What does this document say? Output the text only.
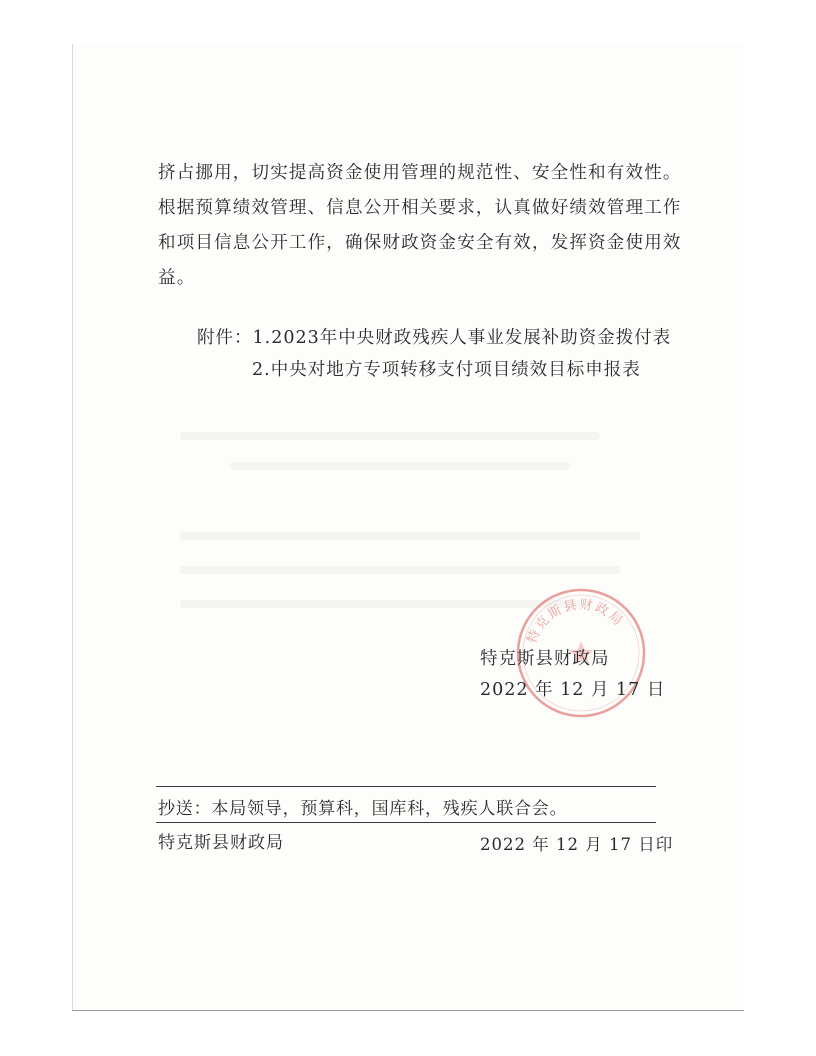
挤占挪用，切实提高资金使用管理的规范性、安全性和有效性。
根据预算绩效管理、信息公开相关要求，认真做好绩效管理工作
和项目信息公开工作，确保财政资金安全有效，发挥资金使用效
益。
附件：1.2023年中央财政残疾人事业发展补助资金拨付表
2.中央对地方专项转移支付项目绩效目标申报表
特克斯县财政局
特克斯县财政局
2022 年 12 月 17 日
抄送：本局领导，预算科，国库科，残疾人联合会。
特克斯县财政局	2022 年 12 月 17 日印
